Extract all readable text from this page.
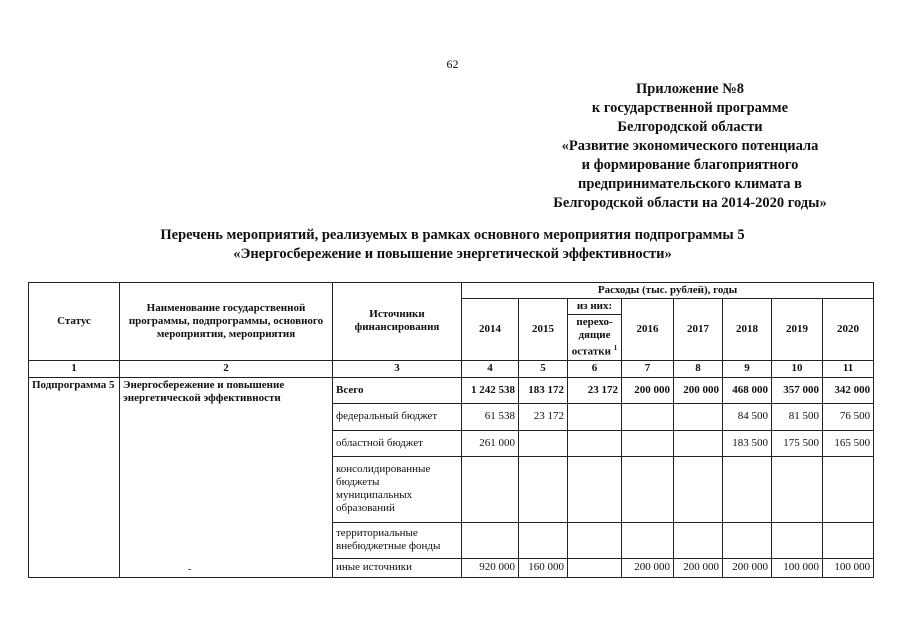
62
Приложение №8
к государственной программе
Белгородской области
«Развитие экономического потенциала
и формирование благоприятного
предпринимательского климата в
Белгородской области на 2014-2020 годы»
Перечень мероприятий, реализуемых в рамках основного мероприятия подпрограммы 5
«Энергосбережение и повышение энергетической эффективности»
Статус	Наименование государственной программы, подпрограммы, основного мероприятия, мероприятия	Источники финансирования	Расходы (тыс. рублей), годы							
			2014	2015	из них:	2016	2017	2018	2019	2020
					перехо-дящие остатки $^1$
1	2	3	4	5	6	7	8	9	10	11
Подпрограмма 5	Энергосбережение и повышение энергетической эффективности	Всего	1 242 538	183 172	23 172	200 000	200 000	468 000	357 000	342 000
		федеральный бюджет	61 538	23 172				84 500	81 500	76 500
		областной бюджет	261 000					183 500	175 500	165 500
		консолидированные бюджеты муниципальных образований								
		территориальные внебюджетные фонды								
		иные источники	920 000	160 000		200 000	200 000	200 000	100 000	100 000
-
